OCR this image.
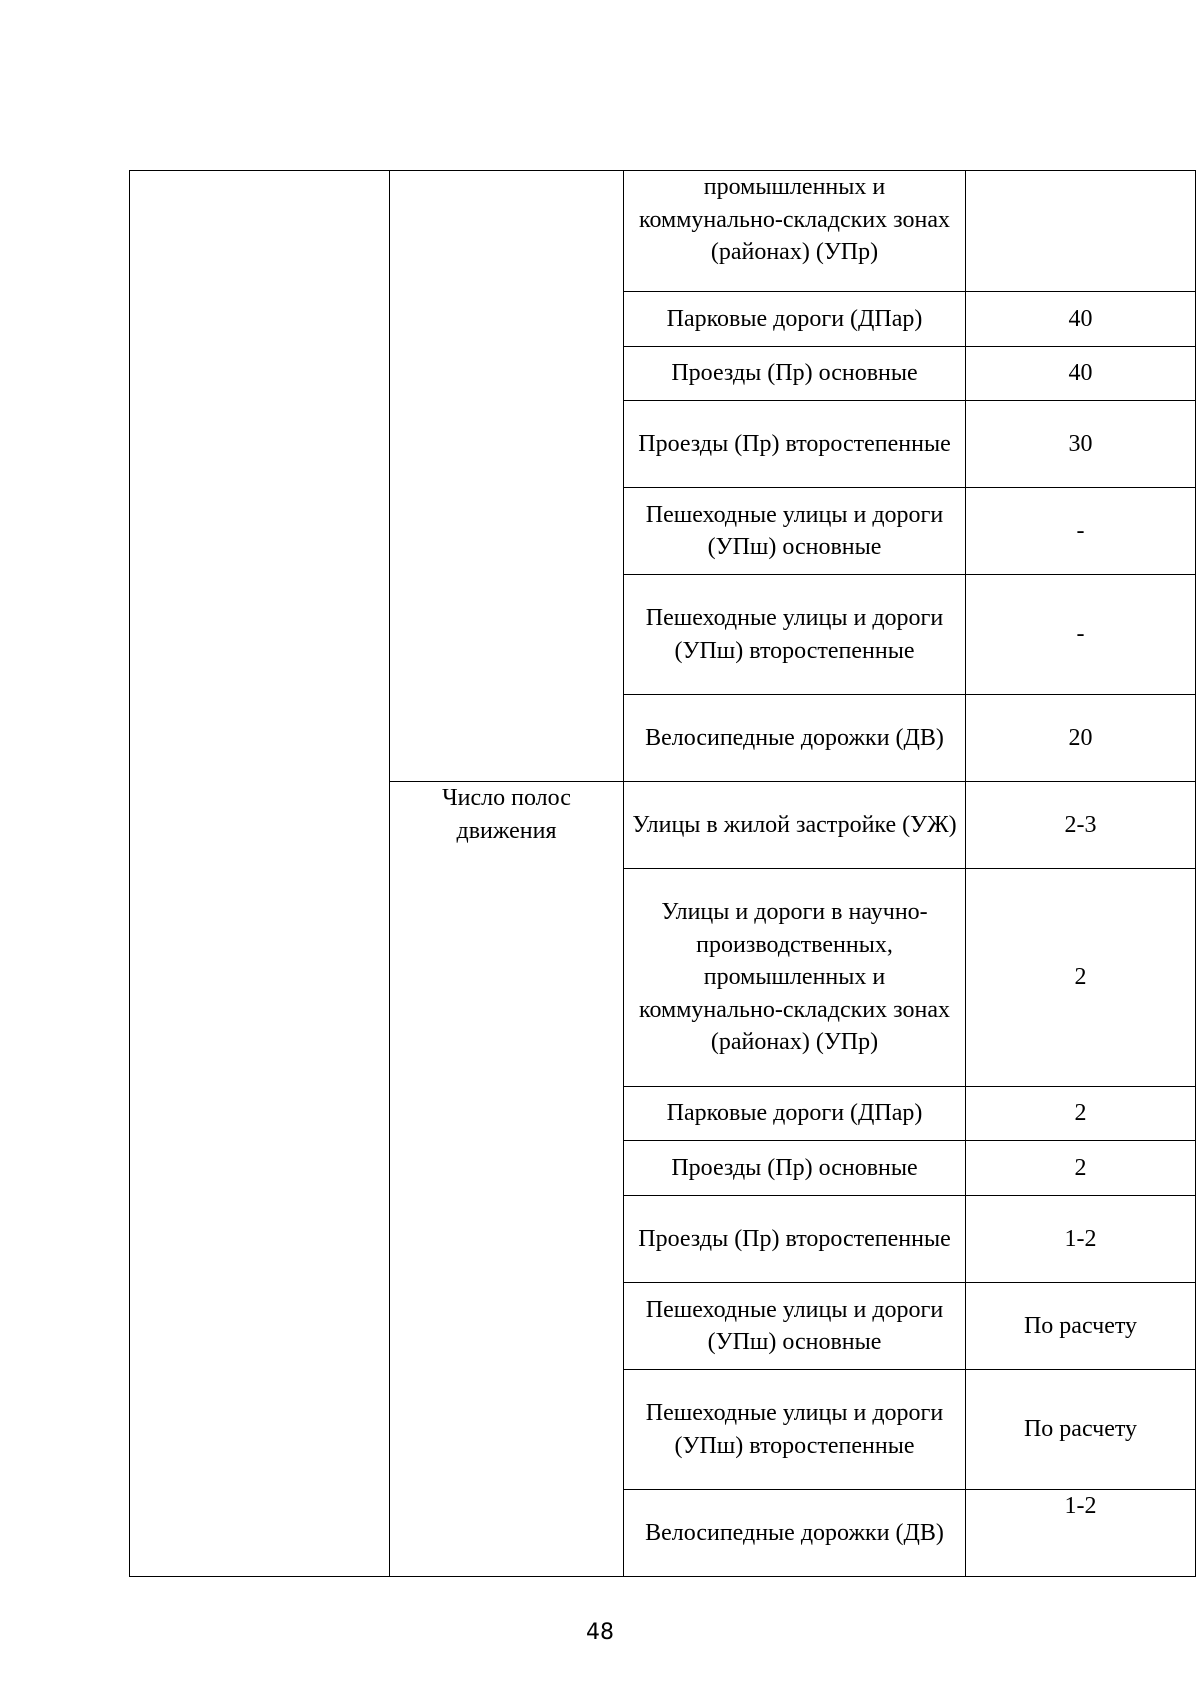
		промышленных и коммунально-складских зонах (районах) (УПр)	
		Парковые дороги (ДПар)	40
		Проезды (Пр) основные	40
		Проезды (Пр) второстепенные	30
		Пешеходные улицы и дороги (УПш) основные	-
		Пешеходные улицы и дороги (УПш) второстепенные	-
		Велосипедные дорожки (ДВ)	20
	Число полос движения	Улицы в жилой застройке (УЖ)	2-3
		Улицы и дороги в научно-производственных, промышленных и коммунально-складских зонах (районах) (УПр)	2
		Парковые дороги (ДПар)	2
		Проезды (Пр) основные	2
		Проезды (Пр) второстепенные	1-2
		Пешеходные улицы и дороги (УПш) основные	По расчету
		Пешеходные улицы и дороги (УПш) второстепенные	По расчету
		Велосипедные дорожки (ДВ)	1-2
48
